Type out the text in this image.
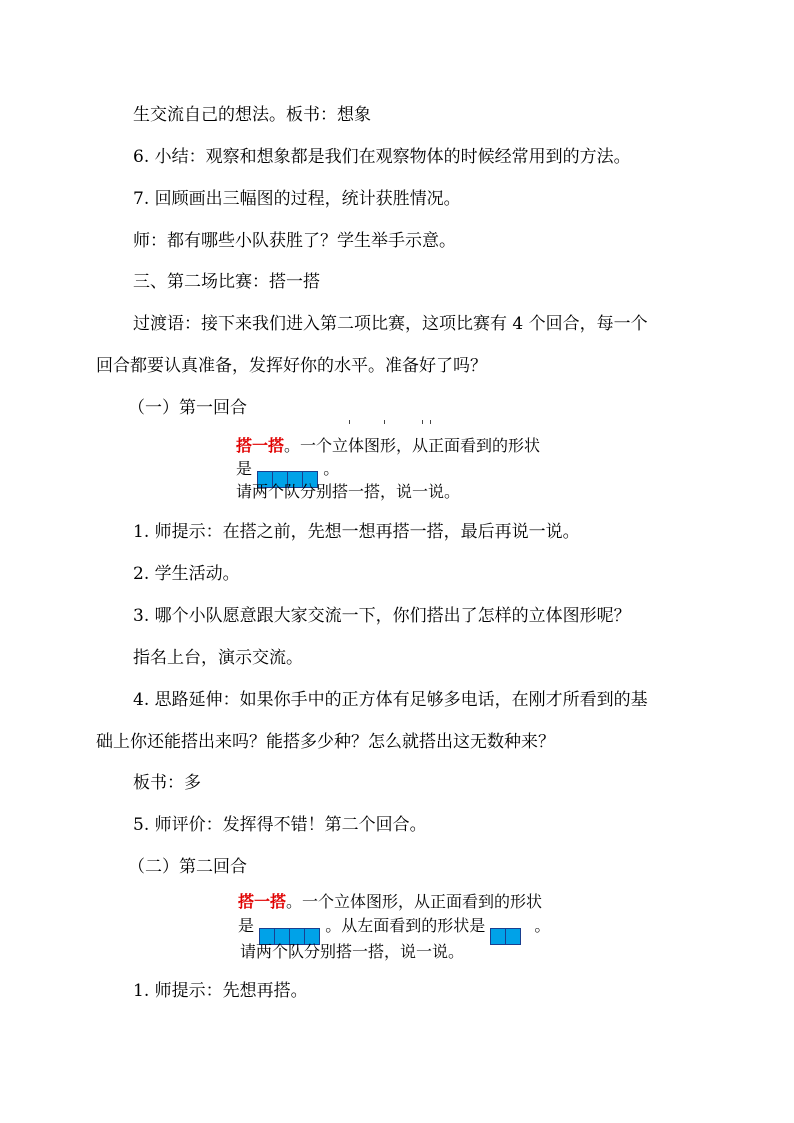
生交流自己的想法。板书：想象
6. 小结：观察和想象都是我们在观察物体的时候经常用到的方法。
7. 回顾画出三幅图的过程，统计获胜情况。
师：都有哪些小队获胜了？学生举手示意。
三、第二场比赛：搭一搭
过渡语：接下来我们进入第二项比赛，这项比赛有 4 个回合，每一个
回合都要认真准备，发挥好你的水平。准备好了吗？
（一）第一回合
搭一搭。一个立体图形，从正面看到的形状
是	。
请两个队分别搭一搭，说一说。
1. 师提示：在搭之前，先想一想再搭一搭，最后再说一说。
2. 学生活动。
3. 哪个小队愿意跟大家交流一下，你们搭出了怎样的立体图形呢？
指名上台，演示交流。
4. 思路延伸：如果你手中的正方体有足够多电话，在刚才所看到的基
础上你还能搭出来吗？能搭多少种？怎么就搭出这无数种来？
板书：多
5. 师评价：发挥得不错！第二个回合。
（二）第二回合
搭一搭。一个立体图形，从正面看到的形状
是	。从左面看到的形状是	。
请两个队分别搭一搭，说一说。
1. 师提示：先想再搭。
